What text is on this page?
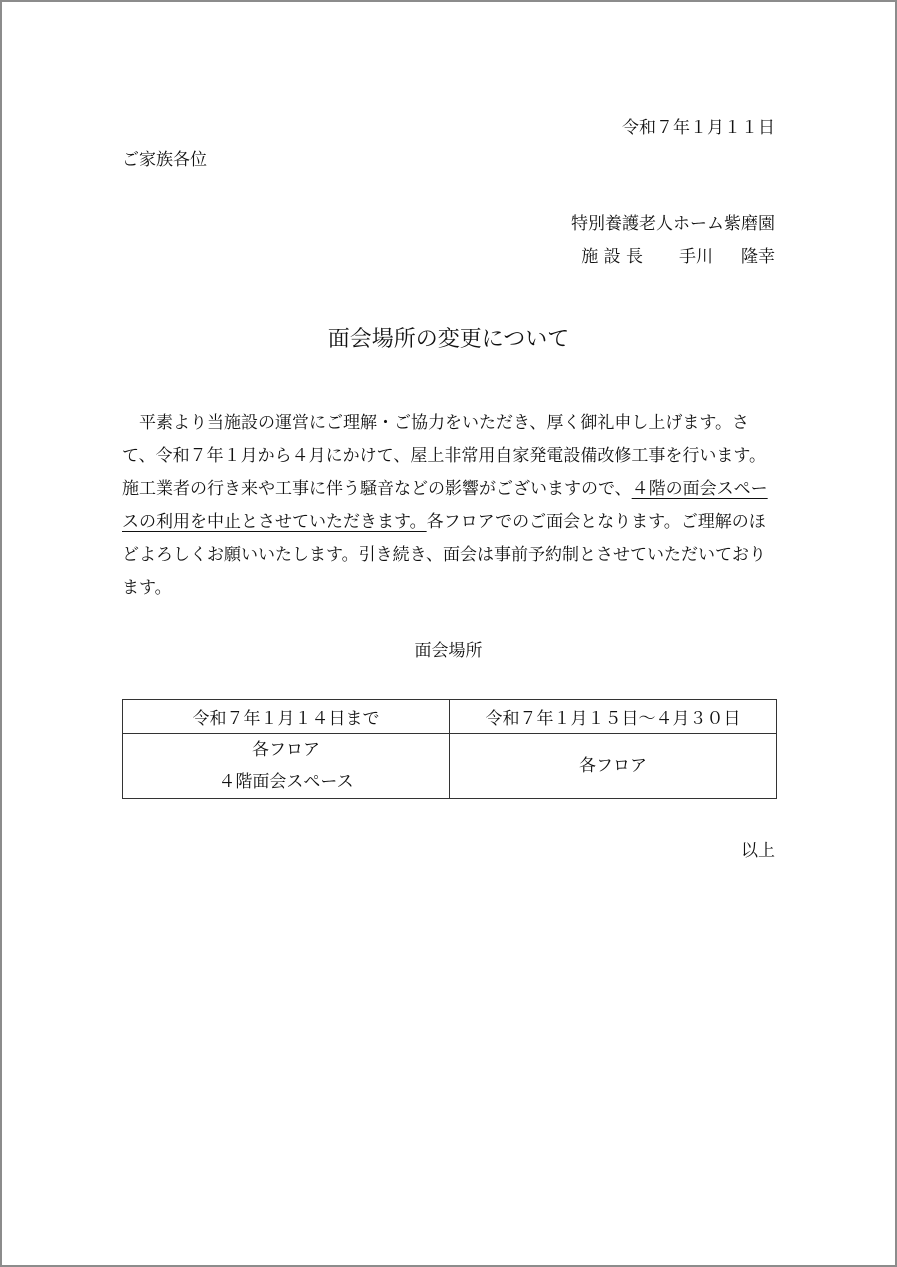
令和７年１月１１日
ご家族各位
特別養護老人ホーム紫磨園
施 設 長 手川 隆幸
面会場所の変更について

　平素より当施設の運営にご理解・ご協力をいただき、厚く御礼申し上げます。さて、令和７年１月から４月にかけて、屋上非常用自家発電設備改修工事を行います。施工業者の行き来や工事に伴う騒音などの影響がございますので、４階の面会スペースの利用を中止とさせていただきます。各フロアでのご面会となります。ご理解のほどよろしくお願いいたします。引き続き、面会は事前予約制とさせていただいております。

面会場所
令和７年１月１４日まで	令和７年１月１５日～４月３０日

各フロア
４階面会スペース	各フロア
以上
